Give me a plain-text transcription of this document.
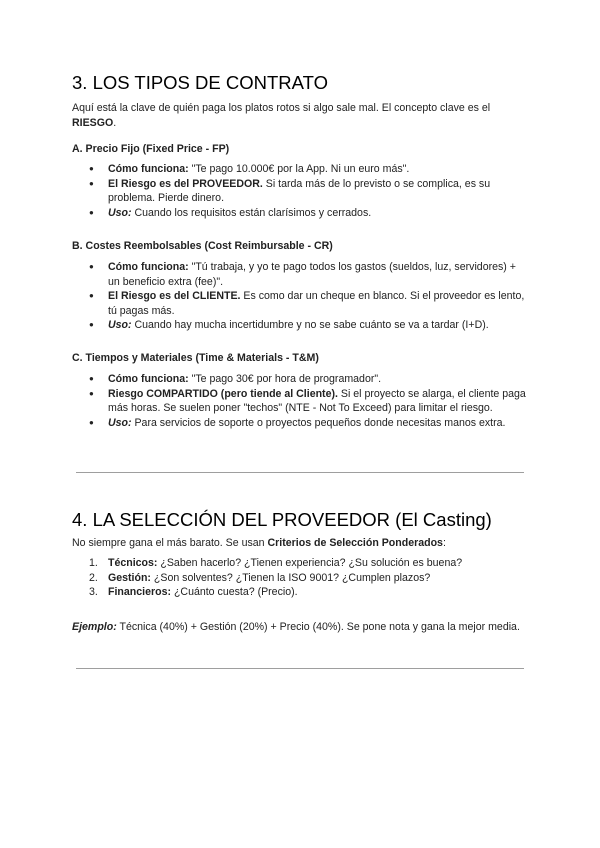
3. LOS TIPOS DE CONTRATO

Aquí está la clave de quién paga los platos rotos si algo sale mal. El concepto clave es el RIESGO.

A. Precio Fijo (Fixed Price - FP)
● Cómo funciona: "Te pago 10.000€ por la App. Ni un euro más".
● El Riesgo es del PROVEEDOR. Si tarda más de lo previsto o se complica, es su problema. Pierde dinero.
● Uso: Cuando los requisitos están clarísimos y cerrados.
B. Costes Reembolsables (Cost Reimbursable - CR)
● Cómo funciona: "Tú trabaja, y yo te pago todos los gastos (sueldos, luz, servidores) + un beneficio extra (fee)".
● El Riesgo es del CLIENTE. Es como dar un cheque en blanco. Si el proveedor es lento, tú pagas más.
● Uso: Cuando hay mucha incertidumbre y no se sabe cuánto se va a tardar (I+D).
C. Tiempos y Materiales (Time & Materials - T&M)
● Cómo funciona: "Te pago 30€ por hora de programador".
● Riesgo COMPARTIDO (pero tiende al Cliente). Si el proyecto se alarga, el cliente paga más horas. Se suelen poner "techos" (NTE - Not To Exceed) para limitar el riesgo.
● Uso: Para servicios de soporte o proyectos pequeños donde necesitas manos extra.
4. LA SELECCIÓN DEL PROVEEDOR (El Casting)

No siempre gana el más barato. Se usan Criterios de Selección Ponderados:

1. Técnicos: ¿Saben hacerlo? ¿Tienen experiencia? ¿Su solución es buena?
2. Gestión: ¿Son solventes? ¿Tienen la ISO 9001? ¿Cumplen plazos?
3. Financieros: ¿Cuánto cuesta? (Precio).

Ejemplo: Técnica (40%) + Gestión (20%) + Precio (40%). Se pone nota y gana la mejor media.
